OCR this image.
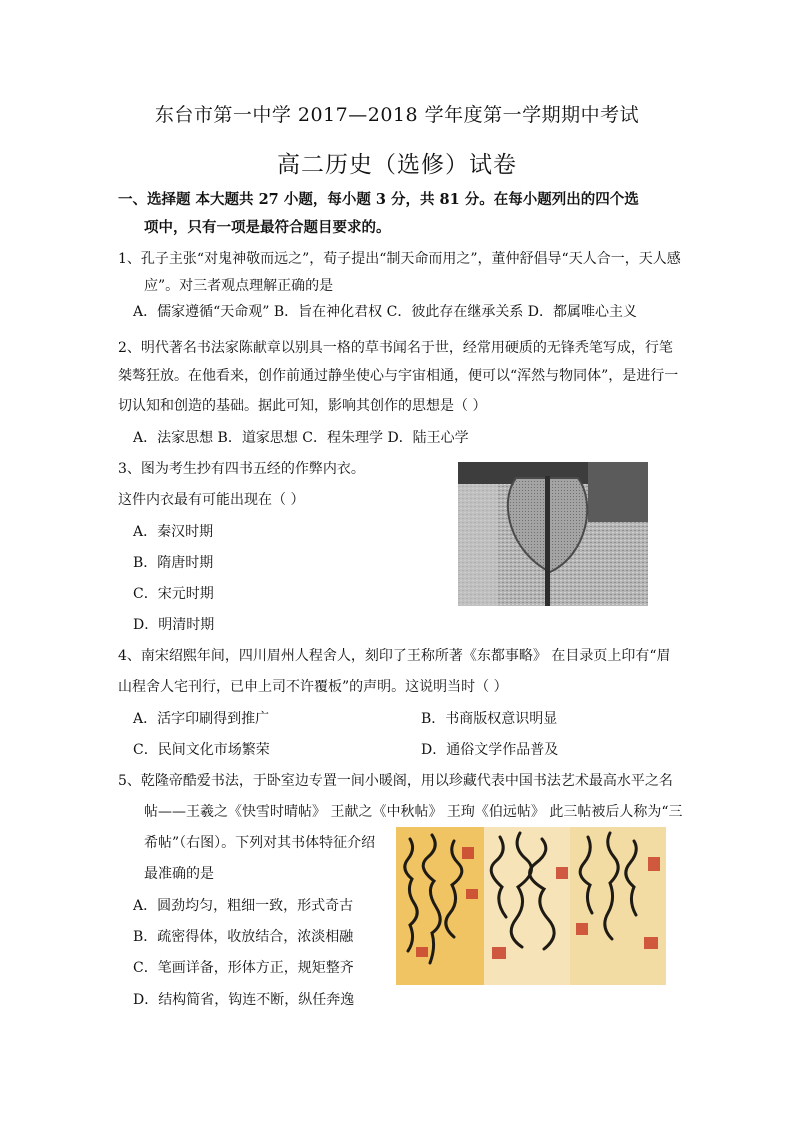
东台市第一中学 2017—2018 学年度第一学期期中考试
高二历史（选修）试卷
一、选择题 本大题共 27 小题，每小题 3 分，共 81 分。在每小题列出的四个选
项中，只有一项是最符合题目要求的。
1、孔子主张“对鬼神敬而远之”，荀子提出“制天命而用之”，董仲舒倡导“天人合一，天人感
应”。对三者观点理解正确的是
A．儒家遵循“天命观” B．旨在神化君权 C．彼此存在继承关系 D．都属唯心主义
2、明代著名书法家陈献章以别具一格的草书闻名于世，经常用硬质的无锋秃笔写成，行笔
桀骜狂放。在他看来，创作前通过静坐使心与宇宙相通，便可以“浑然与物同体”，是进行一
切认知和创造的基础。据此可知，影响其创作的思想是（ ）
A．法家思想 B．道家思想 C．程朱理学 D．陆王心学
3、图为考生抄有四书五经的作弊内衣。
这件内衣最有可能出现在（ ）
A．秦汉时期
B．隋唐时期
C．宋元时期
D．明清时期
4、南宋绍熙年间，四川眉州人程舍人，刻印了王称所著《东都事略》 在目录页上印有“眉
山程舍人宅刊行，已申上司不许覆板”的声明。这说明当时（ ）
A．活字印刷得到推广	B．书商版权意识明显
C．民间文化市场繁荣	D．通俗文学作品普及
5、乾隆帝酷爱书法，于卧室边专置一间小暖阁，用以珍藏代表中国书法艺术最高水平之名
帖——王羲之《快雪时晴帖》 王献之《中秋帖》 王珣《伯远帖》 此三帖被后人称为“三
希帖”（右图）。下列对其书体特征介绍
最准确的是
A．圆劲均匀，粗细一致，形式奇古
B．疏密得体，收放结合，浓淡相融
C．笔画详备，形体方正，规矩整齐
D．结构简省，钩连不断，纵任奔逸
